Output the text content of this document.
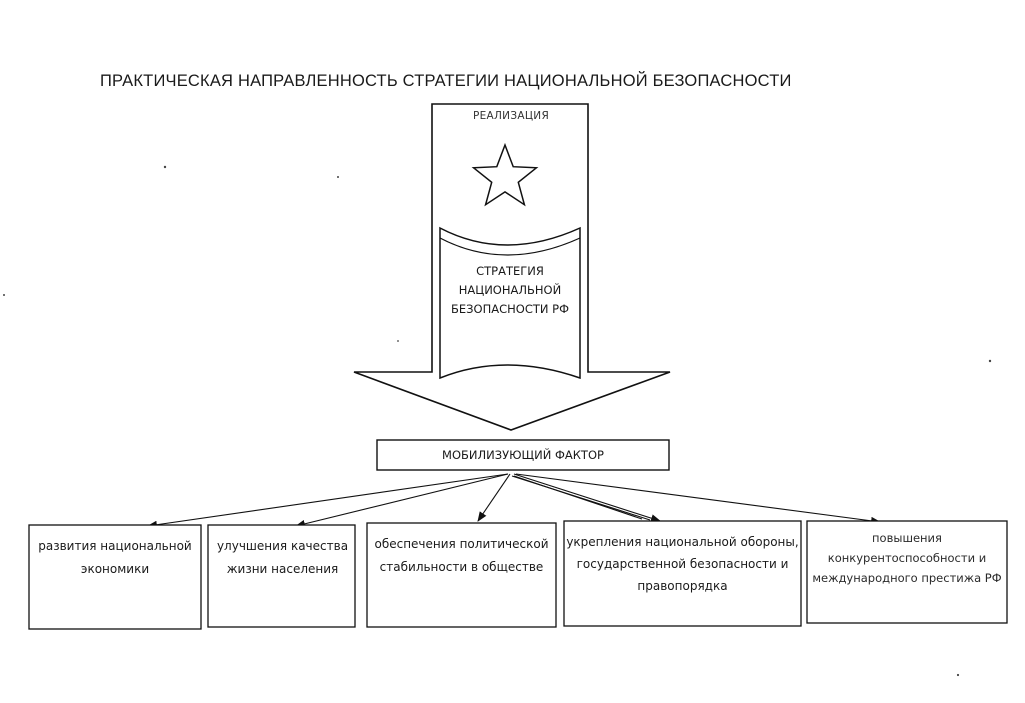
ПРАКТИЧЕСКАЯ НАПРАВЛЕННОСТЬ СТРАТЕГИИ НАЦИОНАЛЬНОЙ БЕЗОПАСНОСТИ
РЕАЛИЗАЦИЯ
СТРАТЕГИЯ НАЦИОНАЛЬНОЙ БЕЗОПАСНОСТИ РФ
МОБИЛИЗУЮЩИЙ ФАКТОР
развития национальной экономики
улучшения качества жизни населения
обеспечения политической стабильности в обществе
укрепления национальной обороны, государственной безопасности и правопорядка
повышения конкурентоспособности и международного престижа РФ
